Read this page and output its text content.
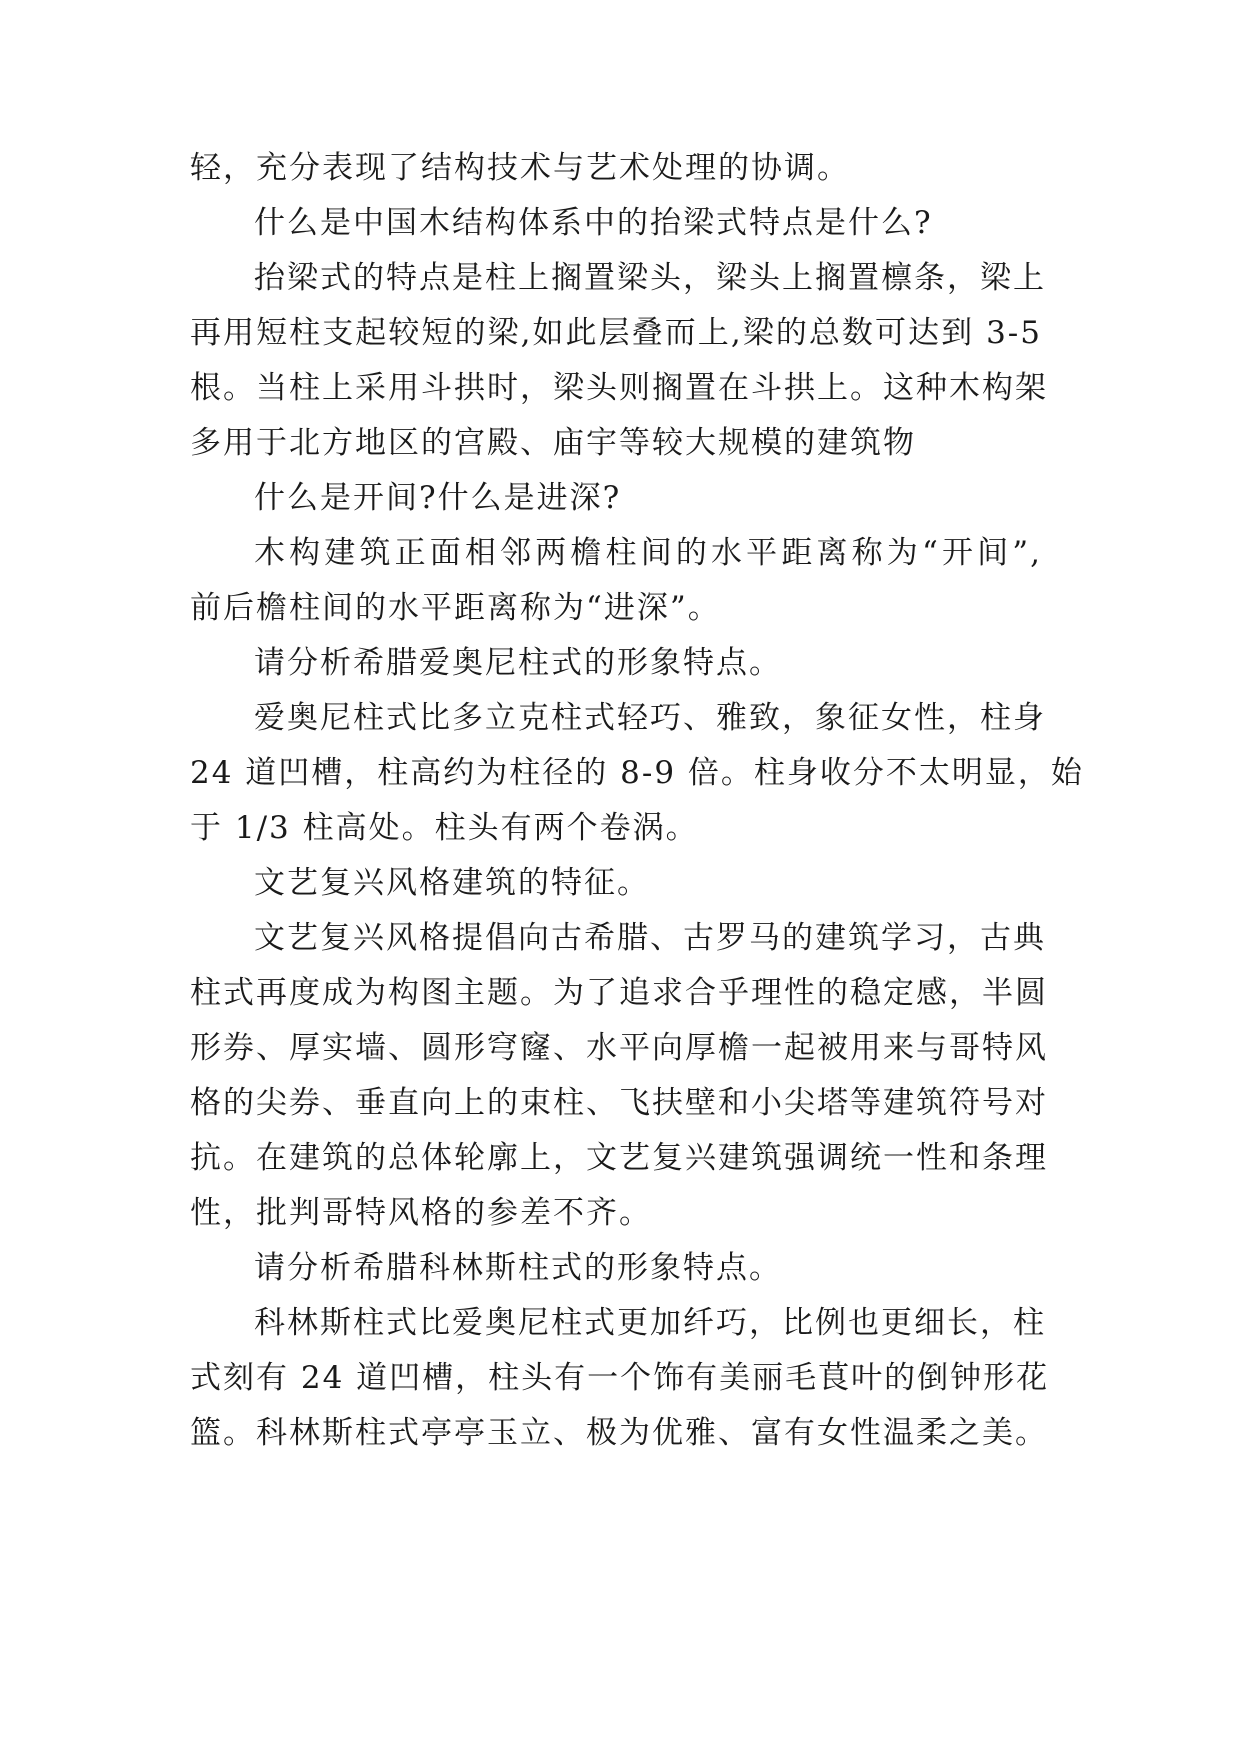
轻，充分表现了结构技术与艺术处理的协调。
什么是中国木结构体系中的抬梁式特点是什么?
抬梁式的特点是柱上搁置梁头，梁头上搁置檩条，梁上
再用短柱支起较短的梁,如此层叠而上,梁的总数可达到 3-5
根。当柱上采用斗拱时，梁头则搁置在斗拱上。这种木构架
多用于北方地区的宫殿、庙宇等较大规模的建筑物
什么是开间?什么是进深?
木构建筑正面相邻两檐柱间的水平距离称为“开间”,
前后檐柱间的水平距离称为“进深”。
请分析希腊爱奥尼柱式的形象特点。
爱奥尼柱式比多立克柱式轻巧、雅致，象征女性，柱身
24 道凹槽，柱高约为柱径的 8-9 倍。柱身收分不太明显，始
于 1/3 柱高处。柱头有两个卷涡。
文艺复兴风格建筑的特征。
文艺复兴风格提倡向古希腊、古罗马的建筑学习，古典
柱式再度成为构图主题。为了追求合乎理性的稳定感，半圆
形券、厚实墙、圆形穹窿、水平向厚檐一起被用来与哥特风
格的尖券、垂直向上的束柱、飞扶壁和小尖塔等建筑符号对
抗。在建筑的总体轮廓上，文艺复兴建筑强调统一性和条理
性，批判哥特风格的参差不齐。
请分析希腊科林斯柱式的形象特点。
科林斯柱式比爱奥尼柱式更加纤巧，比例也更细长，柱
式刻有 24 道凹槽，柱头有一个饰有美丽毛茛叶的倒钟形花
篮。科林斯柱式亭亭玉立、极为优雅、富有女性温柔之美。
